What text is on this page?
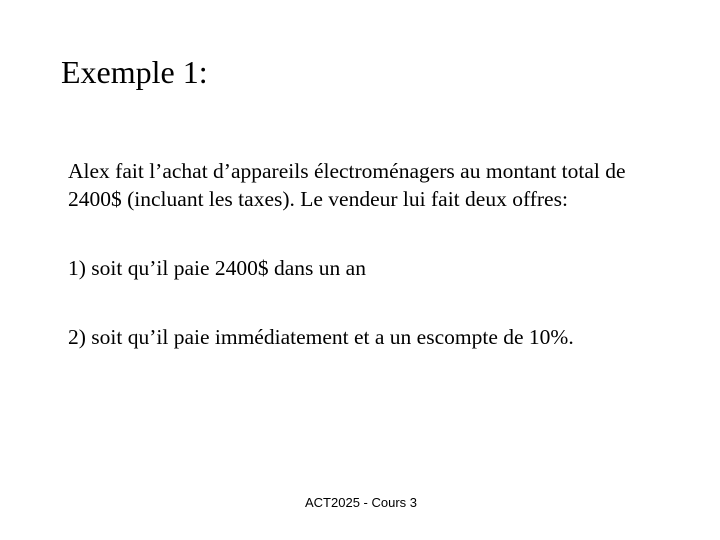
Exemple 1:

Alex fait l’achat d’appareils électroménagers au montant total de 2400$ (incluant les taxes). Le vendeur lui fait deux offres:

1) soit qu’il paie 2400$ dans un an

2) soit qu’il paie immédiatement et a un escompte de 10%.

ACT2025 - Cours 3
